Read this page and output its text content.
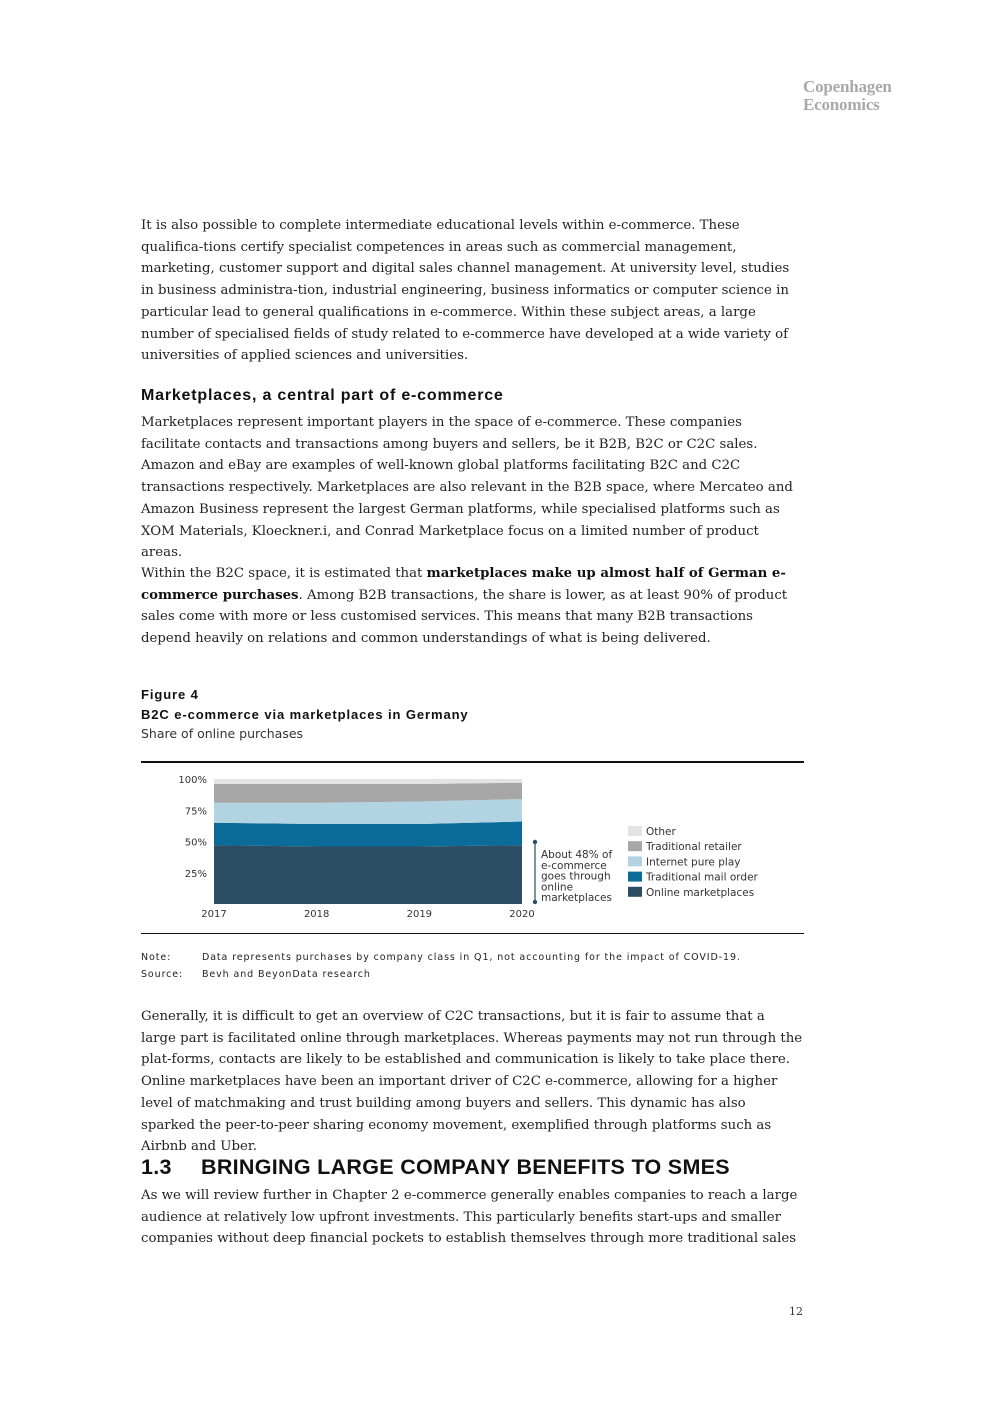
Copenhagen
Economics

It is also possible to complete intermediate educational levels within e-commerce. These qualifica-tions certify specialist competences in areas such as commercial management, marketing, customer support and digital sales channel management. At university level, studies in business administra-tion, industrial engineering, business informatics or computer science in particular lead to general qualifications in e-commerce. Within these subject areas, a large number of specialised fields of study related to e-commerce have developed at a wide variety of universities of applied sciences and universities.

Marketplaces, a central part of e-commerce

Marketplaces represent important players in the space of e-commerce. These companies facilitate contacts and transactions among buyers and sellers, be it B2B, B2C or C2C sales. Amazon and eBay are examples of well-known global platforms facilitating B2C and C2C transactions respectively. Marketplaces are also relevant in the B2B space, where Mercateo and Amazon Business represent the largest German platforms, while specialised platforms such as XOM Materials, Kloeckner.i, and Conrad Marketplace focus on a limited number of product areas.

Within the B2C space, it is estimated that marketplaces make up almost half of German e-commerce purchases. Among B2B transactions, the share is lower, as at least 90% of product sales come with more or less customised services. This means that many B2B transactions depend heavily on relations and common understandings of what is being delivered.

Figure 4
B2C e-commerce via marketplaces in Germany
Share of online purchases
25%
50%
75%
100%
2017	2018	2019	2020
About 48% of e-commerce goes through online marketplaces
Other
Traditional retailer
Internet pure play
Traditional mail order
Online marketplaces

Note:	Data represents purchases by company class in Q1, not accounting for the impact of COVID-19.

Source: Bevh and BeyonData research

Generally, it is difficult to get an overview of C2C transactions, but it is fair to assume that a large part is facilitated online through marketplaces. Whereas payments may not run through the plat-forms, contacts are likely to be established and communication is likely to take place there. Online marketplaces have been an important driver of C2C e-commerce, allowing for a higher level of matchmaking and trust building among buyers and sellers. This dynamic has also sparked the peer-to-peer sharing economy movement, exemplified through platforms such as Airbnb and Uber.

1.3 BRINGING LARGE COMPANY BENEFITS TO SMES

As we will review further in Chapter 2 e-commerce generally enables companies to reach a large audience at relatively low upfront investments. This particularly benefits start-ups and smaller companies without deep financial pockets to establish themselves through more traditional sales

12
